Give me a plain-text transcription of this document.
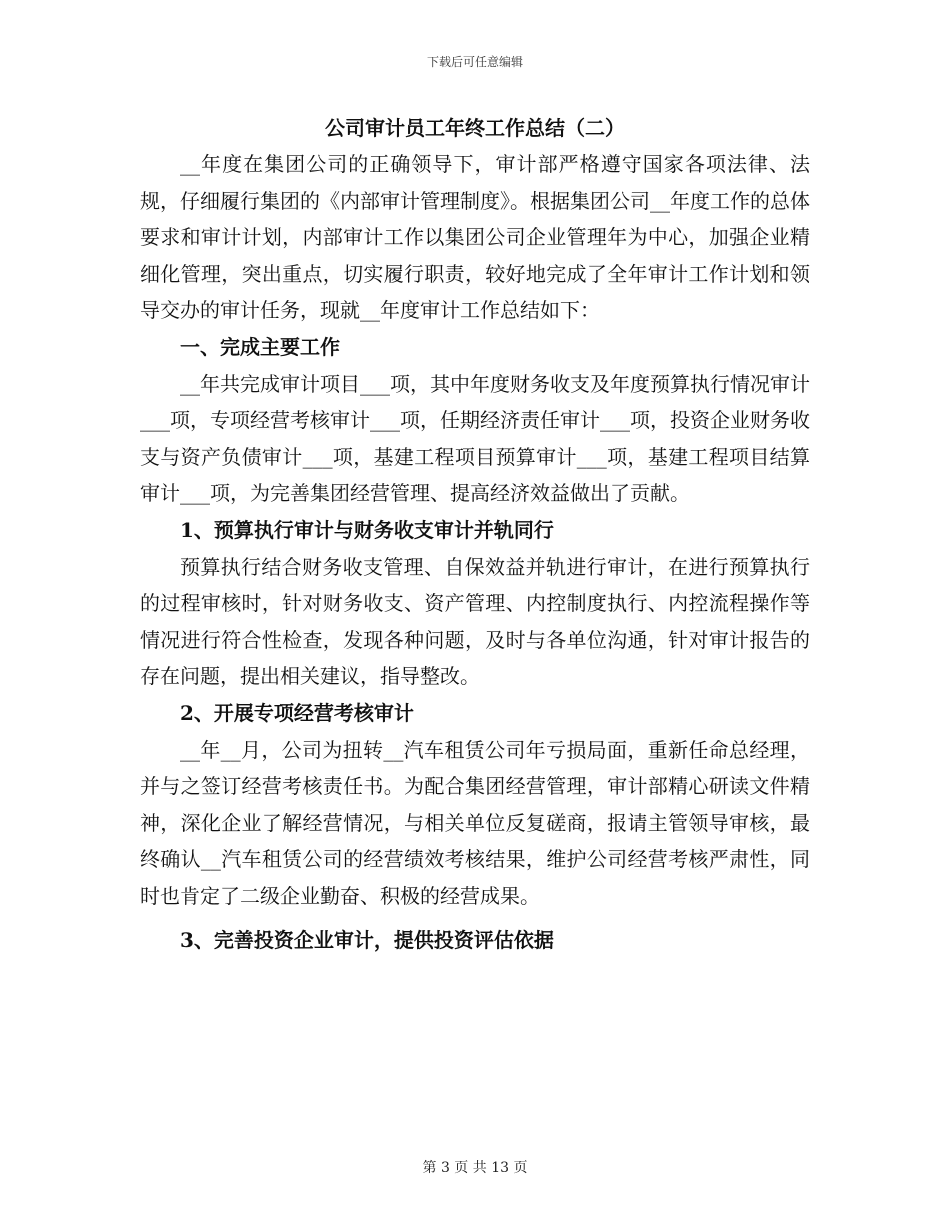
下载后可任意编辑
公司审计员工年终工作总结（二）

__年度在集团公司的正确领导下，审计部严格遵守国家各项法律、法规，仔细履行集团的《内部审计管理制度》。根据集团公司__年度工作的总体要求和审计计划，内部审计工作以集团公司企业管理年为中心，加强企业精细化管理，突出重点，切实履行职责，较好地完成了全年审计工作计划和领导交办的审计任务，现就__年度审计工作总结如下：

一、完成主要工作

__年共完成审计项目___项，其中年度财务收支及年度预算执行情况审计___项，专项经营考核审计___项，任期经济责任审计___项，投资企业财务收支与资产负债审计___项，基建工程项目预算审计___项，基建工程项目结算审计___项，为完善集团经营管理、提高经济效益做出了贡献。

1、预算执行审计与财务收支审计并轨同行

预算执行结合财务收支管理、自保效益并轨进行审计，在进行预算执行的过程审核时，针对财务收支、资产管理、内控制度执行、内控流程操作等情况进行符合性检查，发现各种问题，及时与各单位沟通，针对审计报告的存在问题，提出相关建议，指导整改。

2、开展专项经营考核审计

__年__月，公司为扭转__汽车租赁公司年亏损局面，重新任命总经理，并与之签订经营考核责任书。为配合集团经营管理，审计部精心研读文件精神，深化企业了解经营情况，与相关单位反复磋商，报请主管领导审核，最终确认__汽车租赁公司的经营绩效考核结果，维护公司经营考核严肃性，同时也肯定了二级企业勤奋、积极的经营成果。

3、完善投资企业审计，提供投资评估依据

第 3 页 共 13 页
